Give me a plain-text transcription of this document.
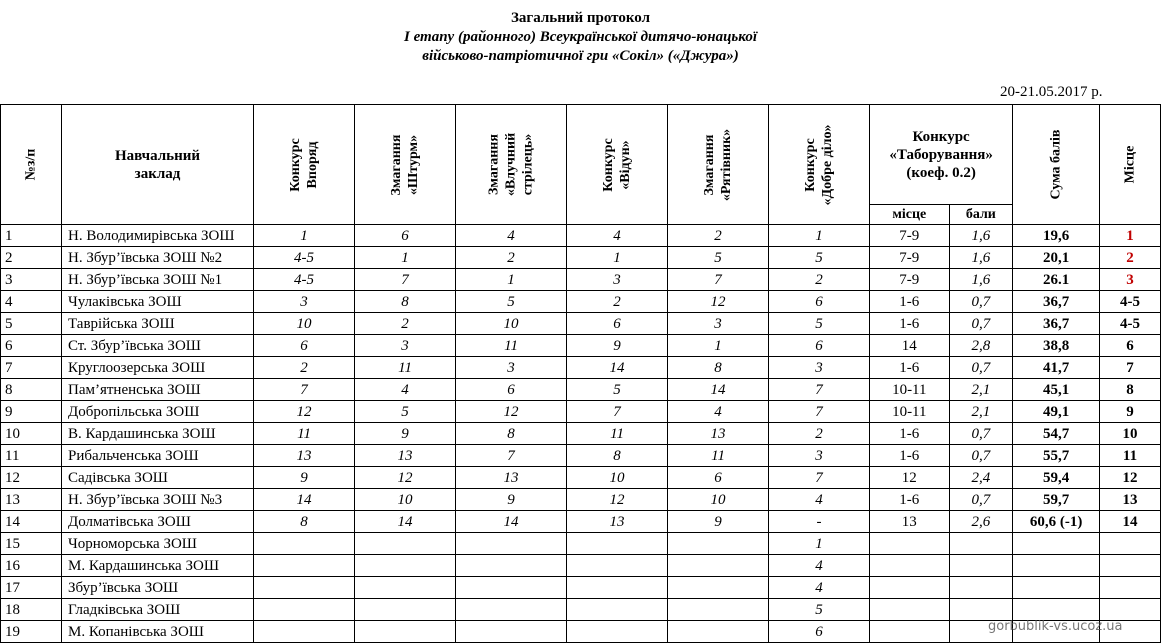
Загальний протокол
І етапу (районного) Всеукраїнської дитячо-юнацької
військово-патріотичної гри «Сокіл» («Джура»)
20-21.05.2017 р.
№з/п	Навчальний заклад	Конкурс Впоряд	Змагання «Штурм»	Змагання «Влучний стрілець»	Конкурс «Відун»	Змагання «Рятівник»	Конкурс «Добре діло»	Конкурс «Таборування» (коеф. 0.2)		Сума балів	Місце

								місце	бали		
1	Н. Володимирівська ЗОШ	1	6	4	4	2	1	7-9	1,6	19,6	1
2	Н. Збур’ївська ЗОШ №2	4-5	1	2	1	5	5	7-9	1,6	20,1	2
3	Н. Збур’ївська ЗОШ №1	4-5	7	1	3	7	2	7-9	1,6	26.1	3
4	Чулаківська ЗОШ	3	8	5	2	12	6	1-6	0,7	36,7	4-5
5	Таврійська ЗОШ	10	2	10	6	3	5	1-6	0,7	36,7	4-5
6	Ст. Збур’ївська ЗОШ	6	3	11	9	1	6	14	2,8	38,8	6
7	Круглоозерська ЗОШ	2	11	3	14	8	3	1-6	0,7	41,7	7
8	Пам’ятненська ЗОШ	7	4	6	5	14	7	10-11	2,1	45,1	8
9	Добропільська ЗОШ	12	5	12	7	4	7	10-11	2,1	49,1	9
10	В. Кардашинська ЗОШ	11	9	8	11	13	2	1-6	0,7	54,7	10
11	Рибальченська ЗОШ	13	13	7	8	11	3	1-6	0,7	55,7	11
12	Садівська ЗОШ	9	12	13	10	6	7	12	2,4	59,4	12
13	Н. Збур’ївська ЗОШ №3	14	10	9	12	10	4	1-6	0,7	59,7	13
14	Долматівська ЗОШ	8	14	14	13	9	-	13	2,6	60,6 (-1)	14
15	Чорноморська ЗОШ						1				
16	М. Кардашинська ЗОШ						4				
17	Збур’ївська ЗОШ						4				
18	Гладківська ЗОШ						5				
19	М. Копанівська ЗОШ						6					gorbublik-vs.ucoz.ua
